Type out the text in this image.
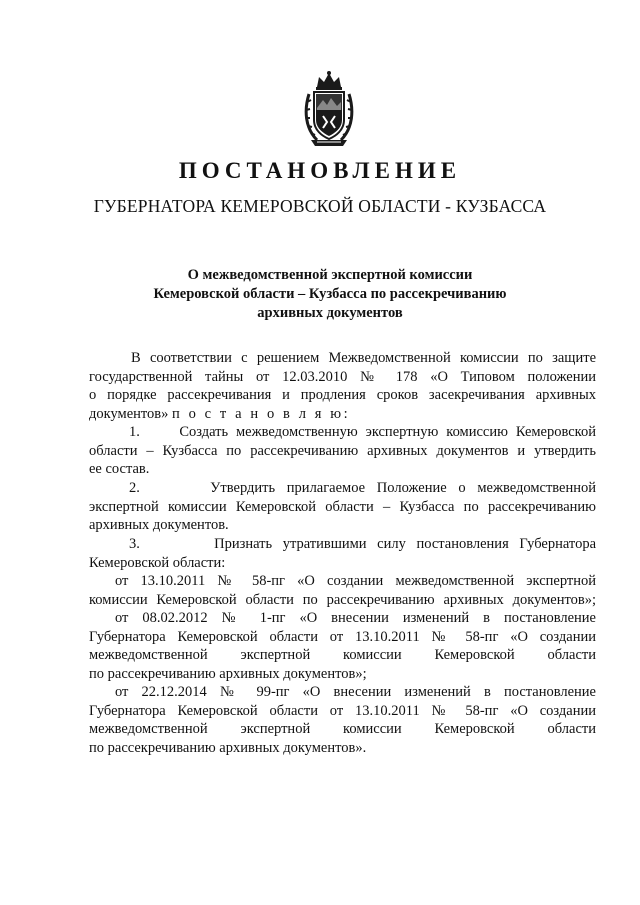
ПОСТАНОВЛЕНИЕ
ГУБЕРНАТОРА КЕМЕРОВСКОЙ ОБЛАСТИ - КУЗБАССА
О межведомственной экспертной комиссии
Кемеровской области – Кузбасса по рассекречиванию
архивных документов
В соответствии с решением Межведомственной комиссии по защите
государственной тайны от 12.03.2010 № 178 «О Типовом положении
о порядке рассекречивания и продления сроков засекречивания архивных
документов» п о с т а н о в л я ю:
1.	Создать межведомственную экспертную комиссию Кемеровской
области – Кузбасса по рассекречиванию архивных документов и утвердить
ее состав.
2.	Утвердить прилагаемое Положение о межведомственной
экспертной комиссии Кемеровской области – Кузбасса по рассекречиванию
архивных документов.
3.	Признать утратившими силу постановления Губернатора
Кемеровской области:
от 13.10.2011 № 58-пг «О создании межведомственной экспертной
комиссии Кемеровской области по рассекречиванию архивных документов»;
от 08.02.2012 № 1-пг «О внесении изменений в постановление
Губернатора Кемеровской области от 13.10.2011 № 58-пг «О создании
межведомственной экспертной комиссии Кемеровской области
по рассекречиванию архивных документов»;
от 22.12.2014 № 99-пг «О внесении изменений в постановление
Губернатора Кемеровской области от 13.10.2011 № 58-пг «О создании
межведомственной экспертной комиссии Кемеровской области
по рассекречиванию архивных документов».
